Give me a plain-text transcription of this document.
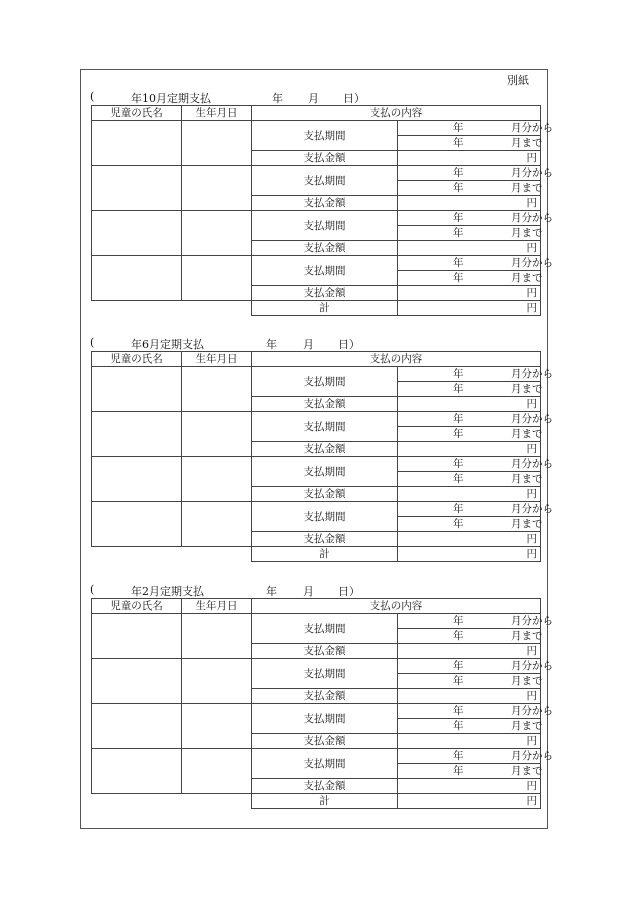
別紙

(

	年10月定期支払

	年

月

日）

児童の氏名	生年月日	支払の内容	
		支払期間	年 月分から
			年 月まで
		支払金額	円
		支払期間	年 月分から
			年 月まで
		支払金額	円
		支払期間	年 月分から
			年 月まで
		支払金額	円
		支払期間	年 月分から
			年 月まで
		支払金額	円
		計	円

(

	年6月定期支払

	年

月

日）

児童の氏名	生年月日	支払の内容	
		支払期間	年 月分から
			年 月まで
		支払金額	円
		支払期間	年 月分から
			年 月まで
		支払金額	円
		支払期間	年 月分から
			年 月まで
		支払金額	円
		支払期間	年 月分から
			年 月まで
		支払金額	円
		計	円

(

	年2月定期支払

	年

月

日）

児童の氏名	生年月日	支払の内容	
		支払期間	年 月分から
			年 月まで
		支払金額	円
		支払期間	年 月分から
			年 月まで
		支払金額	円
		支払期間	年 月分から
			年 月まで
		支払金額	円
		支払期間	年 月分から
			年 月まで
		支払金額	円
		計	円
